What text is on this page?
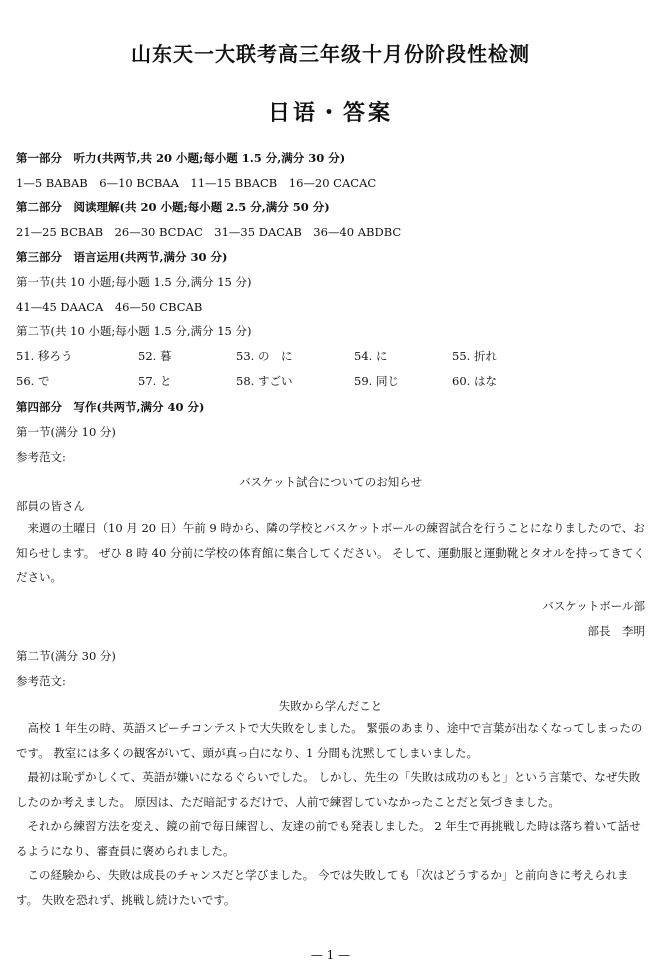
山东天一大联考高三年级十月份阶段性检测
日语・答案
第一部分　听力(共两节,共 20 小题;每小题 1.5 分,满分 30 分)
1—5 BABAB　6—10 BCBAA　11—15 BBACB　16—20 CACAC
第二部分　阅读理解(共 20 小题;每小题 2.5 分,满分 50 分)
21—25 BCBAB　26—30 BCDAC　31—35 DACAB　36—40 ABDBC
第三部分　语言运用(共两节,满分 30 分)
第一节(共 10 小题;每小题 1.5 分,满分 15 分)
41—45 DAACA　46—50 CBCAB
第二节(共 10 小题;每小题 1.5 分,满分 15 分)
51. 移ろう	52. 暮	53. の　に	54. に	55. 折れ
56. で	57. と	58. すごい	59. 同じ	60. はな
第四部分　写作(共两节,满分 40 分)
第一节(满分 10 分)
参考范文:
バスケット試合についてのお知らせ
部員の皆さん
来週の土曜日（10 月 20 日）午前 9 時から、隣の学校とバスケットボールの練習試合を行うことになりましたので、お知らせします。 ぜひ 8 時 40 分前に学校の体育館に集合してください。 そして、運動服と運動靴とタオルを持ってきてください。
バスケットボール部
部長　李明
第二节(满分 30 分)
参考范文:
失敗から学んだこと
高校 1 年生の時、英語スピーチコンテストで大失敗をしました。 緊張のあまり、途中で言葉が出なくなってしまったのです。 教室には多くの観客がいて、頭が真っ白になり、1 分間も沈黙してしまいました。
最初は恥ずかしくて、英語が嫌いになるぐらいでした。 しかし、先生の「失敗は成功のもと」という言葉で、なぜ失敗したのか考えました。 原因は、ただ暗記するだけで、人前で練習していなかったことだと気づきました。
それから練習方法を変え、鏡の前で毎日練習し、友達の前でも発表しました。 2 年生で再挑戦した時は落ち着いて話せるようになり、審査員に褒められました。
この経験から、失敗は成長のチャンスだと学びました。 今では失敗しても「次はどうするか」と前向きに考えられます。 失敗を恐れず、挑戦し続けたいです。
— 1 —
